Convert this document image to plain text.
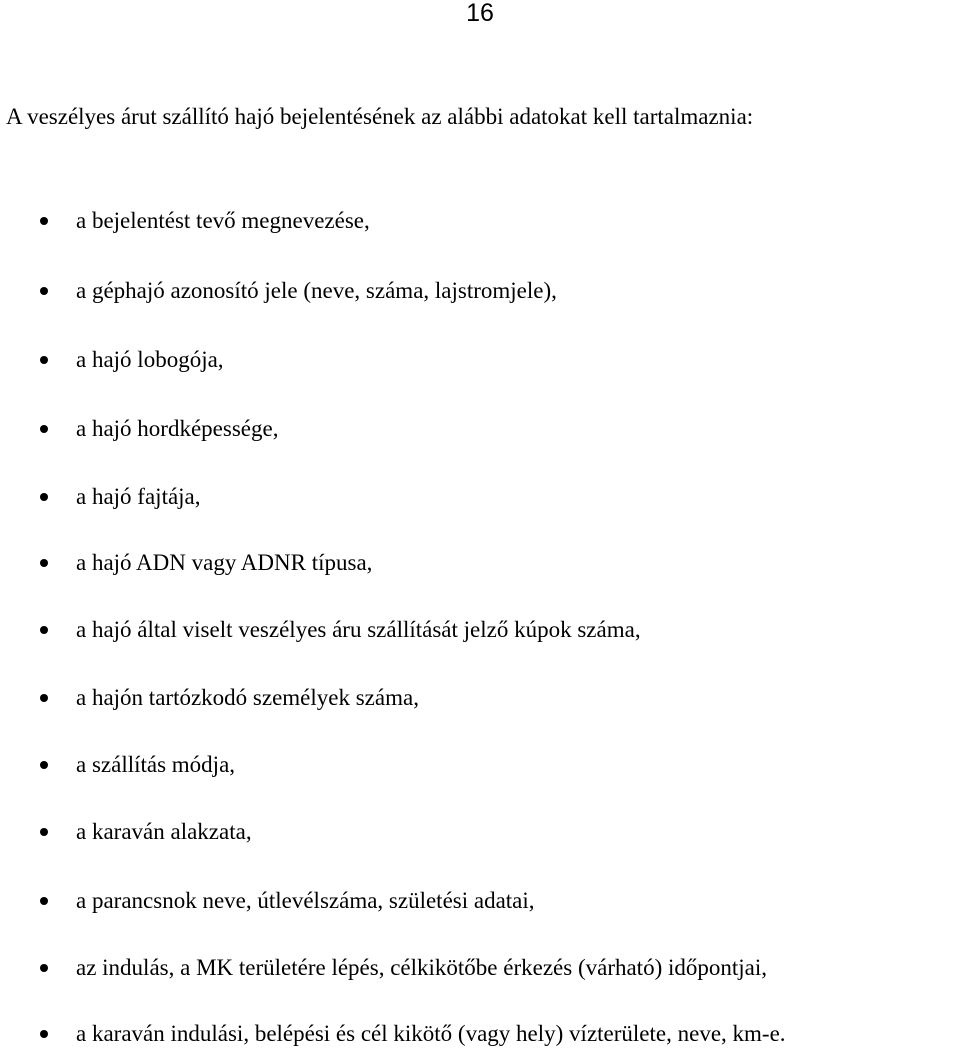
16
A veszélyes árut szállító hajó bejelentésének az alábbi adatokat kell tartalmaznia:
a bejelentést tevő megnevezése,
a géphajó azonosító jele (neve, száma, lajstromjele),
a hajó lobogója,
a hajó hordképessége,
a hajó fajtája,
a hajó ADN vagy ADNR típusa,
a hajó által viselt veszélyes áru szállítását jelző kúpok száma,
a hajón tartózkodó személyek száma,
a szállítás módja,
a karaván alakzata,
a parancsnok neve, útlevélszáma, születési adatai,
az indulás, a MK területére lépés, célkikötőbe érkezés (várható) időpontjai,
a karaván indulási, belépési és cél kikötő (vagy hely) vízterülete, neve, km-e.
